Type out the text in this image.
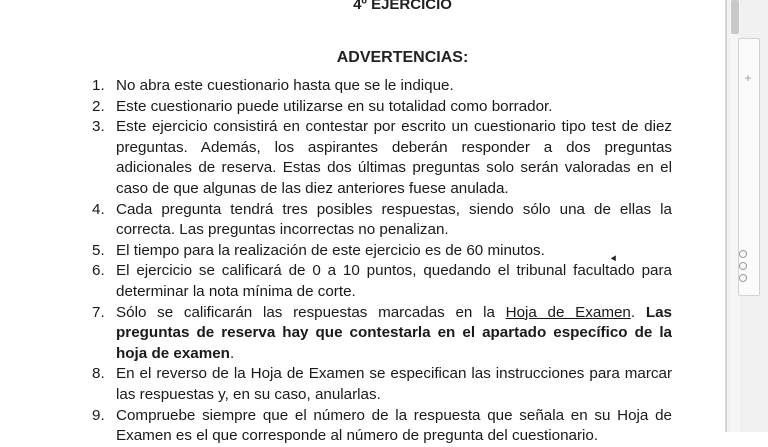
4º EJERCICIO
ADVERTENCIAS:
1. No abra este cuestionario hasta que se le indique.
2. Este cuestionario puede utilizarse en su totalidad como borrador.
3. Este ejercicio consistirá en contestar por escrito un cuestionario tipo test de diez preguntas. Además, los aspirantes deberán responder a dos preguntas adicionales de reserva. Estas dos últimas preguntas solo serán valoradas en el caso de que algunas de las diez anteriores fuese anulada.
4. Cada pregunta tendrá tres posibles respuestas, siendo sólo una de ellas la correcta. Las preguntas incorrectas no penalizan.
5. El tiempo para la realización de este ejercicio es de 60 minutos.
6. El ejercicio se calificará de 0 a 10 puntos, quedando el tribunal facultado para determinar la nota mínima de corte.
7. Sólo se calificarán las respuestas marcadas en la Hoja de Examen. Las preguntas de reserva hay que contestarla en el apartado específico de la hoja de examen.
8. En el reverso de la Hoja de Examen se especifican las instrucciones para marcar las respuestas y, en su caso, anularlas.
9. Compruebe siempre que el número de la respuesta que señala en su Hoja de Examen es el que corresponde al número de pregunta del cuestionario.
+
